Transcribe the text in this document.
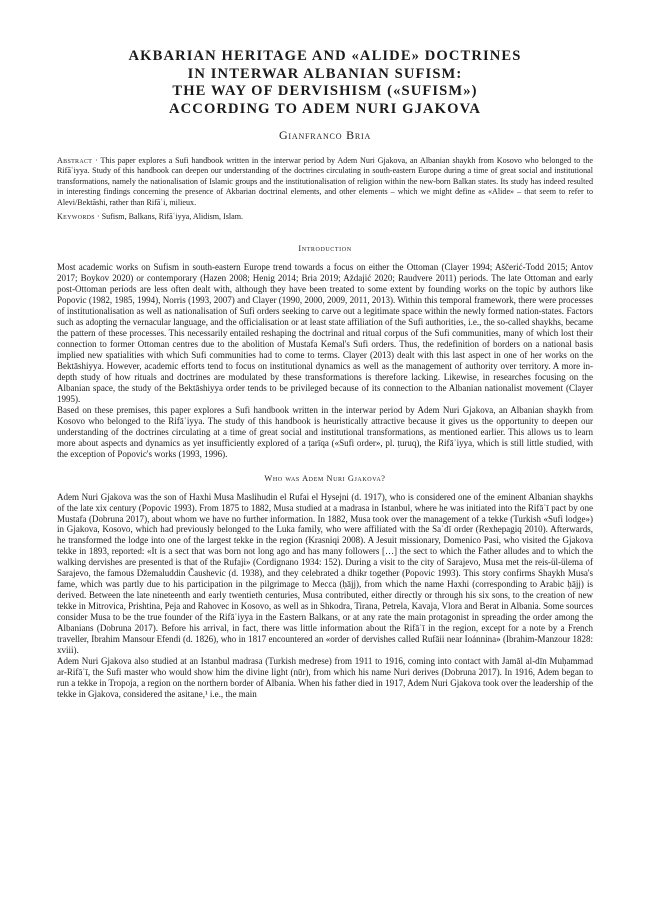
AKBARIAN HERITAGE AND «ALIDE» DOCTRINES
IN INTERWAR ALBANIAN SUFISM:
THE WAY OF DERVISHISM («SUFISM»)
ACCORDING TO ADEM NURI GJAKOVA
Gianfranco Bria
Abstract · This paper explores a Sufi handbook written in the interwar period by Adem Nuri Gjakova, an Albanian shaykh from Kosovo who belonged to the Rifāʿiyya. Study of this handbook can deepen our understanding of the doctrines circulating in south-eastern Europe during a time of great social and institutional transformations, namely the nationalisation of Islamic groups and the institutionalisation of religion within the new-born Balkan states. Its study has indeed resulted in interesting findings concerning the presence of Akbarian doctrinal elements, and other elements – which we might define as «Alide» – that seem to refer to Alevi/Bektāshi, rather than Rifāʿi, milieux.
Keywords · Sufism, Balkans, Rifāʿiyya, Alidism, Islam.
Introduction

Most academic works on Sufism in south-eastern Europe trend towards a focus on either the Ottoman (Clayer 1994; Aščerić-Todd 2015; Antov 2017; Boykov 2020) or contemporary (Hazen 2008; Henig 2014; Bria 2019; Aždajić 2020; Raudvere 2011) periods. The late Ottoman and early post-Ottoman periods are less often dealt with, although they have been treated to some extent by founding works on the topic by authors like Popovic (1982, 1985, 1994), Norris (1993, 2007) and Clayer (1990, 2000, 2009, 2011, 2013). Within this temporal framework, there were processes of institutionalisation as well as nationalisation of Sufi orders seeking to carve out a legitimate space within the newly formed nation-states. Factors such as adopting the vernacular language, and the officialisation or at least state affiliation of the Sufi authorities, i.e., the so-called shaykhs, became the pattern of these processes. This necessarily entailed reshaping the doctrinal and ritual corpus of the Sufi communities, many of which lost their connection to former Ottoman centres due to the abolition of Mustafa Kemal's Sufi orders. Thus, the redefinition of borders on a national basis implied new spatialities with which Sufi communities had to come to terms. Clayer (2013) dealt with this last aspect in one of her works on the Bektāshiyya. However, academic efforts tend to focus on institutional dynamics as well as the management of authority over territory. A more in-depth study of how rituals and doctrines are modulated by these transformations is therefore lacking. Likewise, in researches focusing on the Albanian space, the study of the Bektāshiyya order tends to be privileged because of its connection to the Albanian nationalist movement (Clayer 1995).

Based on these premises, this paper explores a Sufi handbook written in the interwar period by Adem Nuri Gjakova, an Albanian shaykh from Kosovo who belonged to the Rifāʿiyya. The study of this handbook is heuristically attractive because it gives us the opportunity to deepen our understanding of the doctrines circulating at a time of great social and institutional transformations, as mentioned earlier. This allows us to learn more about aspects and dynamics as yet insufficiently explored of a ṭarīqa («Sufi order», pl. ṭuruq), the Rifāʿiyya, which is still little studied, with the exception of Popovic's works (1993, 1996).

Who was Adem Nuri Gjakova?

Adem Nuri Gjakova was the son of Haxhi Musa Maslihudin el Rufai el Hysejni (d. 1917), who is considered one of the eminent Albanian shaykhs of the late xix century (Popovic 1993). From 1875 to 1882, Musa studied at a madrasa in Istanbul, where he was initiated into the Rifāʿī pact by one Mustafa (Dobruna 2017), about whom we have no further information. In 1882, Musa took over the management of a tekke (Turkish «Sufi lodge») in Gjakova, Kosovo, which had previously belonged to the Luka family, who were affiliated with the Saʿdī order (Rexhepagiq 2010). Afterwards, he transformed the lodge into one of the largest tekke in the region (Krasniqi 2008). A Jesuit missionary, Domenico Pasi, who visited the Gjakova tekke in 1893, reported: «It is a sect that was born not long ago and has many followers […] the sect to which the Father alludes and to which the walking dervishes are presented is that of the Rufaji» (Cordignano 1934: 152). During a visit to the city of Sarajevo, Musa met the reis-ül-ülema of Sarajevo, the famous Džemaluddin Čaushevic (d. 1938), and they celebrated a dhikr together (Popovic 1993). This story confirms Shaykh Musa's fame, which was partly due to his participation in the pilgrimage to Mecca (ḥājj), from which the name Haxhi (corresponding to Arabic ḥājj) is derived. Between the late nineteenth and early twentieth centuries, Musa contributed, either directly or through his six sons, to the creation of new tekke in Mitrovica, Prishtina, Peja and Rahovec in Kosovo, as well as in Shkodra, Tirana, Petrela, Kavaja, Vlora and Berat in Albania. Some sources consider Musa to be the true founder of the Rifāʿiyya in the Eastern Balkans, or at any rate the main protagonist in spreading the order among the Albanians (Dobruna 2017). Before his arrival, in fact, there was little information about the Rifāʿī in the region, except for a note by a French traveller, Ibrahim Mansour Efendi (d. 1826), who in 1817 encountered an «order of dervishes called Rufāii near Ioánnina» (Ibrahim-Manzour 1828: xviii).

Adem Nuri Gjakova also studied at an Istanbul madrasa (Turkish medrese) from 1911 to 1916, coming into contact with Jamāl al-dīn Muḥammad ar-Rifāʿī, the Sufi master who would show him the divine light (nūr), from which his name Nuri derives (Dobruna 2017). In 1916, Adem began to run a tekke in Tropoja, a region on the northern border of Albania. When his father died in 1917, Adem Nuri Gjakova took over the leadership of the tekke in Gjakova, considered the asitane,¹ i.e., the main
